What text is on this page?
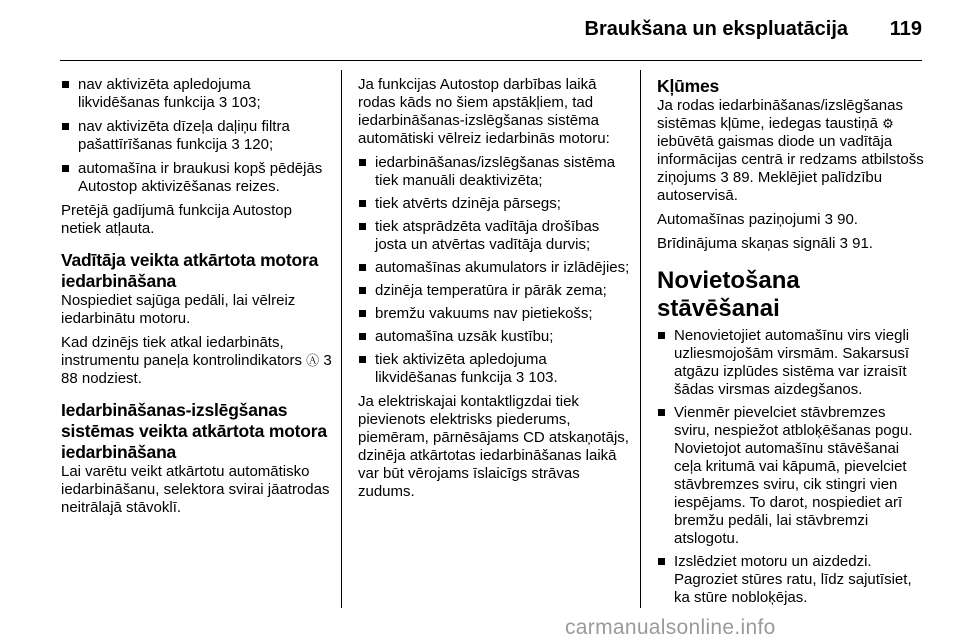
Braukšana un ekspluatācija 119
nav aktivizēta apledojuma likvidēšanas funkcija 3 103;
nav aktivizēta dīzeļa daļiņu filtra pašattīrīšanas funkcija 3 120;
automašīna ir braukusi kopš pēdējās Autostop aktivizēšanas reizes.

Pretējā gadījumā funkcija Autostop netiek atļauta.

Vadītāja veikta atkārtota motora iedarbināšana

Nospiediet sajūga pedāli, lai vēlreiz iedarbinātu motoru.

Kad dzinējs tiek atkal iedarbināts, instrumentu paneļa kontrolindikators Ⓐ 3 88 nodziest.

Iedarbināšanas-izslēgšanas sistēmas veikta atkārtota motora iedarbināšana

Lai varētu veikt atkārtotu automātisko iedarbināšanu, selektora svirai jāatrodas neitrālajā stāvoklī.

Ja funkcijas Autostop darbības laikā rodas kāds no šiem apstākļiem, tad iedarbināšanas-izslēgšanas sistēma automātiski vēlreiz iedarbinās motoru:

iedarbināšanas/izslēgšanas sistēma tiek manuāli deaktivizēta;
tiek atvērts dzinēja pārsegs;
tiek atsprādzēta vadītāja drošības josta un atvērtas vadītāja durvis;
automašīnas akumulators ir izlādējies;
dzinēja temperatūra ir pārāk zema;
bremžu vakuums nav pietiekošs;
automašīna uzsāk kustību;
tiek aktivizēta apledojuma likvidēšanas funkcija 3 103.

Ja elektriskajai kontaktligzdai tiek pievienots elektrisks piederums, piemēram, pārnēsājams CD atskaņotājs, dzinēja atkārtotas iedarbināšanas laikā var būt vērojams īslaicīgs strāvas zudums.

Kļūmes

Ja rodas iedarbināšanas/izslēgšanas sistēmas kļūme, iedegas taustiņā ⚙ iebūvētā gaismas diode un vadītāja informācijas centrā ir redzams atbilstošs ziņojums 3 89. Meklējiet palīdzību autoservisā.

Automašīnas paziņojumi 3 90.

Brīdinājuma skaņas signāli 3 91.

Novietošana stāvēšanai
Nenovietojiet automašīnu virs viegli uzliesmojošām virsmām. Sakarsusī atgāzu izplūdes sistēma var izraisīt šādas virsmas aizdegšanos.
Vienmēr pievelciet stāvbremzes sviru, nespiežot atbloķēšanas pogu. Novietojot automašīnu stāvēšanai ceļa kritumā vai kāpumā, pievelciet stāvbremzes sviru, cik stingri vien iespējams. To darot, nospiediet arī bremžu pedāli, lai stāvbremzi atslogotu.
Izslēdziet motoru un aizdedzi. Pagroziet stūres ratu, līdz sajutīsiet, ka stūre nobloķējas.
carmanualsonline.info
